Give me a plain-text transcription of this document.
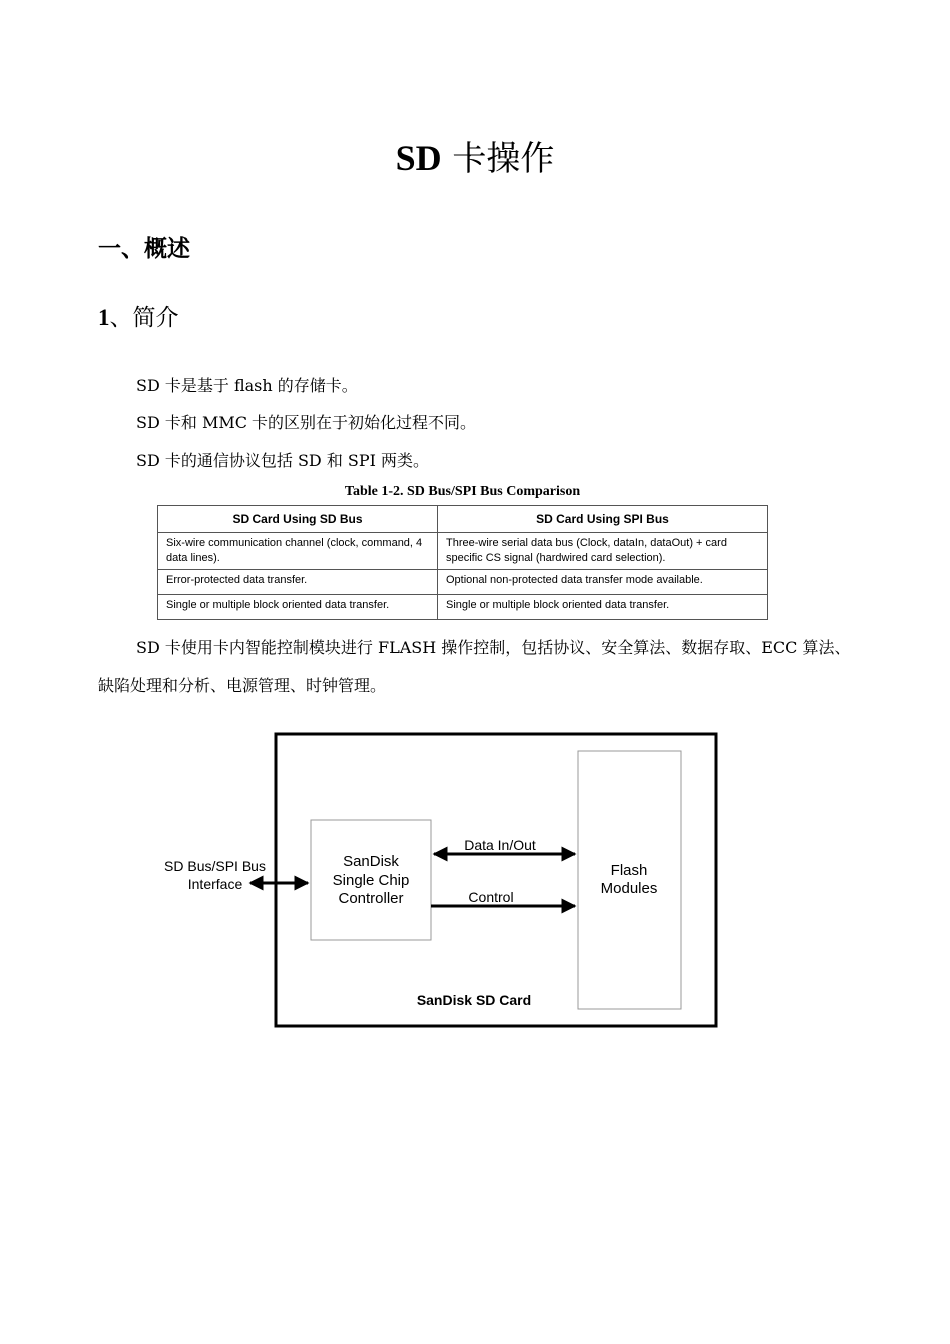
SD 卡操作
一、概述
1、简介
SD 卡是基于 flash 的存储卡。
SD 卡和 MMC 卡的区别在于初始化过程不同。
SD 卡的通信协议包括 SD 和 SPI 两类。
Table 1-2. SD Bus/SPI Bus Comparison
SD Card Using SD Bus	SD Card Using SPI Bus
Six-wire communication channel (clock, command, 4 data lines).	Three-wire serial data bus (Clock, dataIn, dataOut) + card specific CS signal (hardwired card selection).
Error-protected data transfer.	Optional non-protected data transfer mode available.
Single or multiple block oriented data transfer.	Single or multiple block oriented data transfer.
SD 卡使用卡内智能控制模块进行 FLASH 操作控制，包括协议、安全算法、数据存取、ECC 算法、缺陷处理和分析、电源管理、时钟管理。
SD Bus/SPI Bus
Interface
SanDisk
Single Chip
Controller
Data In/Out
Control
Flash
Modules
SanDisk SD Card
